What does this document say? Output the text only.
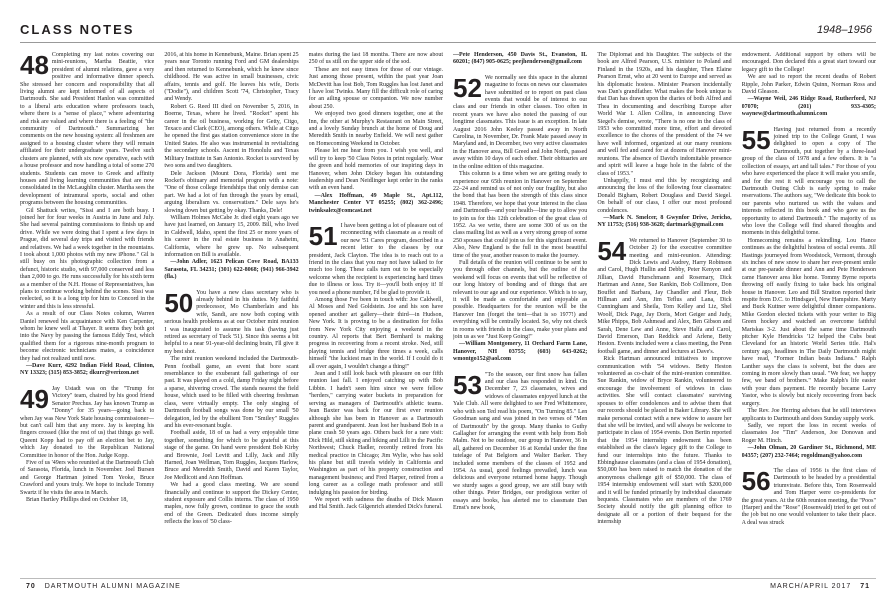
CLASS NOTES	1948–1956
48 Completing my last notes covering our mini-reunions, Martha Beattie, vice president of alumni relations, gave a very positive and informative dinner speech. She stressed her concern and responsibility that all living alumni are kept informed of all aspects of Dartmouth. She said President Hanlon was committed to a liberal arts education where professors teach, where there is a "sense of place," where adventuring and risk are valued and where there is a feeling of "the community of Dartmouth." Summarizing her comments on the new housing system: all freshmen are assigned to a housing cluster where they will remain affiliated for their undergraduate years. Twelve such clusters are planned, with six now operative, each with a house professor and now handling a total of some 270 students. Students can move to Greek and affinity houses and living learning communities that are now consolidated in the McLaughlin cluster. Martha sees the development of intramural sports, social and other programs between the housing communities.

Gil Shattuck writes, "Sissi and I are both busy. I joined her for four weeks in Austria in June and July. She had several painting commissions to finish up and drive. While we were doing that I spent a few days in Prague, did several day trips and visited with friends and relatives. We had a week together in the mountains. I took about 1,000 photos with my new iPhone." Gil is still busy on his photographic collection from a defunct, historic studio, with 97,000 conserved and less than 2,000 to go. He runs successfully for his sixth term as a member of the N.H. House of Representatives, has plans to continue working behind the scenes. Sissi was reelected, so it is a long trip for him to Concord in the winter and this is less stressful.

As a result of our Class Notes column, Warren Daniel renewed his acquaintance with Ken Carpenter, whom he knew well at Thayer. It seems they both got into the Navy by passing the famous Eddy Test, which qualified them for a rigorous nine-month program to become electronic technicians mates, a coincidence they had not realized until now.

—Dave Kurr, 4292 Indian Field Road, Clinton, NY 13323; (315) 853-3852; dkurr@verizon.net

49 Jay Ustadt was on the "Trump for Victory" team, chaired by his good friend Senator Prechus. Jay has known Trump as "Donny" for 35 years—going back to when Jay was New York State housing commissioner—but can't call him that any more. Jay is keeping his fingers crossed (like the rest of us) that things go well. Queent Kopp had to pay off an election bet to Jay, which Jay donated to the Republican National Committee in honor of the Hon. Judge Kopp.

Five of us '49ers who reunited at the Dartmouth Club of Sarasota, Florida, lunch in November. Joel Bursen and George Hartman joined Tom Yeoke, Bruce Crawford and yours truly. We hope to include Tommy Swartz if he visits the area in March.

Brian Hartley Phillips died on October 18,

2016, at his home in Kennebunk, Maine. Brian spent 25 years near Toronto running Ford and GM dealerships and then returned to Kennebunk, which he knew since childhood. He was active in small businesses, civic affairs, tennis and golf. He leaves his wife, Doris ("Dodie"), and children Scott '74, Christopher, Tracy and Wendy.

Robert G. Reed III died on November 5, 2016, in Boerne, Texas, where he lived. "Rocket" spent his career in the oil business, working for Getty, Citgo, Texaco and Clark (CEO), among others. While at Citgo he opened the first gas station convenience store in the United States. He also was instrumental in revitalizing the secondary schools. Ascent in Honolulu and Texas Military Institute in San Antonio. Rocket is survived by two sons and two daughters.

Dele Jackson (Mount Dora, Florida) sent me Rocket's obituary and memorial program with a note: "One of those college friendships that only demise can part. We had a lot of fun through the years by email, arguing liberalism vs. conservatism." Dele says he's slowing down but getting by okay. Thanks, Dele!

William Holmes McCabe Jr. died eight years ago we have just learned, on January 15, 2009. Bill, who lived in Caldwell, Idaho, spent the first 25 or more years of his career in the real estate business in Anaheim, California, where he grew up. No subsequent information on Bill is available.

—John Adler, 1623 Pelican Cove Road, BA133 Sarasota, FL 34231; (301) 622-8068; (941) 966-3942 (fla.)

50 You have a new class secretary who is already behind in his duties. My faithful predecessor, Mo Chamberlain and his wife, Sandi, are now both coping with serious health problems as at our October mini reunion I was inaugurated to assume his task (having just retired as secretary of Tuck '51). Since this seems a bit helpful to a near 91-year-old declining brain, I'll give it my best shot.

The mini reunion weekend included the Dartmouth-Penn football game, an event that bore scant resemblance to the exuberant fall gatherings of our past. It was played on a cold, damp Friday night before a sparse, shivering crowd. The stands nearest the field house, which used to be filled with cheering freshman class, were virtually empty. The only singing of Dartmouth football songs was done by our small '50 delegation, led by the ebullient Tom "Smiley" Ruggles and his ever-resonant bugle.

Football aside, 18 of us had a very enjoyable time together, something for which to be grateful at this stage of the game. On hand were president Bob Kirby and Brownie, Joel Levitt and Lilly, Jack and Jilly Harned, Joan Wellman, Tom Ruggles, Jacques Harlow, Bruce and Meredith Smith, David and Karen Taylor, Joe Medlicott and Ann Hoffman.

We had a good class meeting. We are sound financially and continue to support the Dickey Center, student exposure and Collis interns. The class of 1950 maples, now fully grown, continue to grace the south end of the Green. Dedicated dues income simply reflects the loss of '50 class-

mates during the last 18 months. There are now about 250 of us still on the upper side of the sod.

These are not easy times for those of our vintage. Just among those present, within the past year Joan McDevitt has lost Bob, Tom Ruggles has lost Janet and I have lost Twinks. Many fill the difficult role of caring for an ailing spouse or companion. We now number about 250.

We enjoyed two good dinners together, one at the Inn, the other at Murphy's Restaurant on Main Street, and a lovely Sunday brunch at the home of Doug and Meredith Smith in nearby Enfield. We will next gather on Homecoming Weekend in October.

Please let me hear from you. I wish you well, and will try to keep '50 Class Notes in print regularly. Wear the green and hold memories of our inspiring days in Hanover, when John Dickey began his outstanding leadership and Dean Neidlinger kept order in the ranks with an even hand.

—Alex Hoffman, 49 Maple St., Apt.112, Manchester Center VT 05255; (802) 362-2496; twinksalex@comcast.net

51 I have been getting a lot of pleasure out of reconnecting with classmate as a result of our new '51 Cares program, described in a recent letter to the classes by our president, Jack Clayton. The idea is to reach out to a friend in the class that you may not have talked to for much too long. These calls turn out to be especially welcome when the recipient is experiencing hard times due to illness or loss. Try it—you'll both enjoy it! If you need a phone number, I'd be glad to provide it.

Among those I've been in touch with: Joe Caldwell, Al Moses and Ned Goldstein. Joe and his son have opened another art gallery—their third—in Hudson, New York. It is proving to be a destination for folks from New York City enjoying a weekend in the country. Al reports that Bert Bernhard is making progress in recovering from a recent stroke. Ned, still playing tennis and bridge three times a week, calls himself "the luckiest man in the world. If I could do it all over again, I wouldn't change a thing!"

Jean and I still look back with pleasure on our fifth reunion last fall. I enjoyed catching up with Bob Libbin. I hadn't seen him since we were fellow "herders," carrying water buckets in preparation for serving as managers of Dartmouth's athletic teams. Jean Baxter was back for our first ever reunion although she has been in Hanover as a Dartmouth parent and grandparent. Jean lost her husband Bob in a plane crash 50 years ago. Others back for a rare visit: Dick Hild, still skiing and hiking and Lilli in the Pacific Northwest; Chuck Hadler, recently retired from his medical practice in Chicago; Jim Wylie, who has sold his plane but still travels widely in California and Washington as part of his property construction and management business; and Fred Harper, retired from a long career as a college math professor and still indulging his passion for birding.

We report with sadness the deaths of Dick Mason and Hal Smith. Jack Gilgenrich attended Dick's funeral.

—Pete Henderson, 450 Davis St., Evanston, IL 60201; (847) 905-0625; peejhenderson@gmail.com

52 We normally see this space in the alumni magazine to focus on news our classmates have submitted or to report on past class events that would be of interest to our class and our friends in other classes. Too often in recent years we have also noted the passing of our longtime classmates. This issue is an exception. In late August 2016 John Keeley passed away in North Carolina, in November, Dr. Frank Mate passed away in Maryland and, in December, two very active classmates in the Hanover area, Bill Greed and John North, passed away within 10 days of each other. Their obituaries are in the online edition of this magazine.

This column is a time when we are getting ready to experience our 65th reunion in Hanover on September 22–24 and remind us of not only our fragility, but also the bond that has been the strength of this class since 1948. Therefore, we hope that your interest in the class and Dartmouth—and your health—line up to allow you to join us for this 12th celebration of the great class of 1952. As we write, there are some 300 of us on the class mailing list as well as a very strong group of some 250 spouses that could join us for this significant event. Also, New England is the full in the most beautiful time of the year, another reason to make the journey.

Full details of the reunion will continue to be sent to you through other channels, but the outline of the weekend will focus on events that will be reflective of our long history of bonding and of things that are relevant to our age and our experience. Which is to say, it will be made as comfortable and enjoyable as possible. Headquarters for the reunion will be the Hanover Inn (forget the tent—that is so 1977!) and everything will be centrally located. So, why not check in rooms with friends in the class, make your plans and join us as we "Just Keep Going!"

—William Montgomery, 11 Orchard Farm Lane, Hanover, NH 03755; (603) 643-0262; wmontgo152@aol.com

53 "To the season, our first snow has fallen and our class has responded in kind. On December 7, 23 classmates, wives and widows of classmates enjoyed lunch at the Yale Club. All were delighted to see Fred Whittemore, who with son Ted read his poem, "On Turning 85." Len Goodman sang and was joined in two verses of "Men of Dartmouth" by the group. Many thanks to Guthy Gallagher for arranging the event with help from Bob Malm. Not to be outdone, our group in Hanover, 36 in all, gathered on December 16 at Kendal under the fine tutelage of Pat Belgiorn and Walter Barker. They included some members of the classes of 1952 and 1954. As usual, good feelings prevailed, lunch was delicious and everyone returned home happy. Though we sturdy sages a good group, we are still busy with other things. Peter Bridges, our prodigious writer of essays and books, has alerted me to classmate Dan Ernst's new book,

The Diplomat and his Daughter. The subjects of the book are Alfred Pearson, U.S. minister to Poland and Finland in the 1920s, and his daughter, Then Elaine Pearson Ernst, who at 20 went to Europe and served as his diplomatic hostess. Minister Pearson incidentally was Dan's grandfather. What makes the book unique is that Dan has drawn upon the diaries of both Alfred and Thea in documenting and describing Europe after World War I. Allen Collins, in announcing Dave Siegel's demise, wrote, "There is no one in the class of 1953 who committed more time, effort and devoted excellence to the chores of the president of the 74 we have well informed, organized at our many reunions and well fed and cared for at dozens of Hanover mini-reunions. The absence of David's indomitable presence and spirit will leave a huge hole in the fabric of the class of 1953."

Unhappily, I must end this by recognizing and announcing the loss of the following four classmates: Donald Bigham, Robert Douglass and David Siegel. On behalf of our class, I offer our most profound condolences.

—Mark N. Smelcer, 8 Gwynfor Drive, Jericho, NY 11753; (516) 938-3628; dartmark@gmail.com

54 We returned to Hanover (September 30 to October 2) for the executive committee meeting and mini-reunion. Attending: Dick Lewis and Audrey, Harry Robinson and Carol, Hugh Hullin and Debby, Peter Kenyon and Jillian, David Hurschmann and Rosemary, Dick Hartman and Anne, Sue Rankin, Bob Collimore, Don Bouffet and Barbara, Jay Chandler and Fleur, Bob Hillman and Ann, Jim Teflus and Lana, Dick Cunningham and Sheila, Tom Kelley and Liz, Shel Woolf, Dick Page, Jay Doris, Mort Geiger and Judy, Mike Phipps, Bob Ashmead and Alex, Ben Gibson and Sarah, Dene Lew and Anne, Steve Halfa and Carol, David Emerson, Dan Reddick and Arlene, Betty Heston. Events included were a class meeting, the Penn football game, and dinner and lectures at Dave's.

Rick Hartman announced initiatives to improve communication with '54 widows. Betty Heston volunteered as co-chair of the mini-reunion committee. Sue Rankin, widow of Bryce Rankin, volunteered to encourage the involvement of widows in class activities. She will contact classmates' surviving spouses to offer condolences and to advise them that our records should be placed in Baker Library. She will make personal contact with a new widow to assure her that she will be invited, and will always be welcome to participate in class of 1954 events. Don Bertin reported that the 1954 internship endowment has been established as the class's legacy gift to the College to fund our internships into the future. Thanks to Ebbinghause classmates (and a class of 1954 donation), $50,000 has been raised to match the donation of the anonymous challenge gift of $50,000. The class of 1954 internship endowment will start with $200,000 and it will be funded primarily by individual classmate bequests. Classmates who are members of the 1769 Society should notify the gift planning office to designate all or a portion of their bequest for the internship

endowment. Additional support by others will be encouraged. Don declared this a great start toward our legacy gift to the College!

We are sad to report the recent deaths of Robert Ripple, John Parker, Edwin Quinn, Norman Ross and David Gleason.

—Wayne Weil, 246 Ridge Road, Rutherford, NJ 07070; (201) 933-4305; waynew@dartmouth.alumni.com

55 Having just returned from a recently joined trip to the College Grant, I was delighted to open a copy of The Dartmouth, put together by a three-lead group of the class of 1978 and a few others. It is "a collection of essays, art and tall tales." For those of you who have experienced the place it will make you smile, and for the rest it will encourage you to call the Dartmouth Outing Club is early spring to make reservations. The authors say, "We dedicate this book to our parents who nurtured us with the values and interests reflected in this book and who gave us the opportunity to attend Dartmouth." The majority of us who love the College will find shared thoughts and moments in this delightful tome.

Homecoming remains a rekindling. Lou Hance continues as the delightful hostess of social events. Jill Hastings journeyed from Woodstock, Vermont, through six inches of new snow to share her ever-present smile at our pre-parade dinner and Ann and Pete Henderson came Hanover area like home. Tommy Byrne reports throwing off easily fixing to take back his original house in Hanover. Leo and Bill Stratton reported their respite from D.C. to Hindsgavl, New Hampshire. Marty and Buck Kuttner were delightful dinner companions. Mike Gordon elected tickets with your writer to Big Green hockey and watched an overcome faithful Mariskas 3-2. Just about the same time Dartmouth pitcher Kyle Hendricks '12 helped the Cubs beat Cleveland for an historic World Series title. Hal's century ago, headlines in The Daily Dartmouth might have read, "Former Indian beats Indians." Ralph Lanther says the class is solvent, but the dues are coming in more slowly than usual. "We fear, we happy few, we band of brothers." Make Ralph's life easier with your dues payment. He recently became Larry Yastor, who is slowly but nicely recovering from back surgery.

The Rev. Joe Herring advises that he still interviews applicants to Dartmouth and does Sunday supply work.

Sadly, we report the loss in recent weeks of classmates Joe "Tim" Anderson, Joe Donovan and Roger M. Hinch.

—John Olman, 20 Gardiner St., Richmond, ME 04357; (207) 232-7464; rogoldman@yahoo.com

56 The class of 1956 is the first class of Dartmouth to be headed by a presidential triumvirate. Before this, Tom Rosenwald and Tom Harper were co-presidents for the great years. At the 60th reunion meeting, the "Poos" (Harper) and the "Rose" (Rosenwald) tried to get out of the job but no one would volunteer to take their place. A deal was struck

70 DARTMOUTH ALUMNI MAGAZINE	MARCH/APRIL 2017 71
